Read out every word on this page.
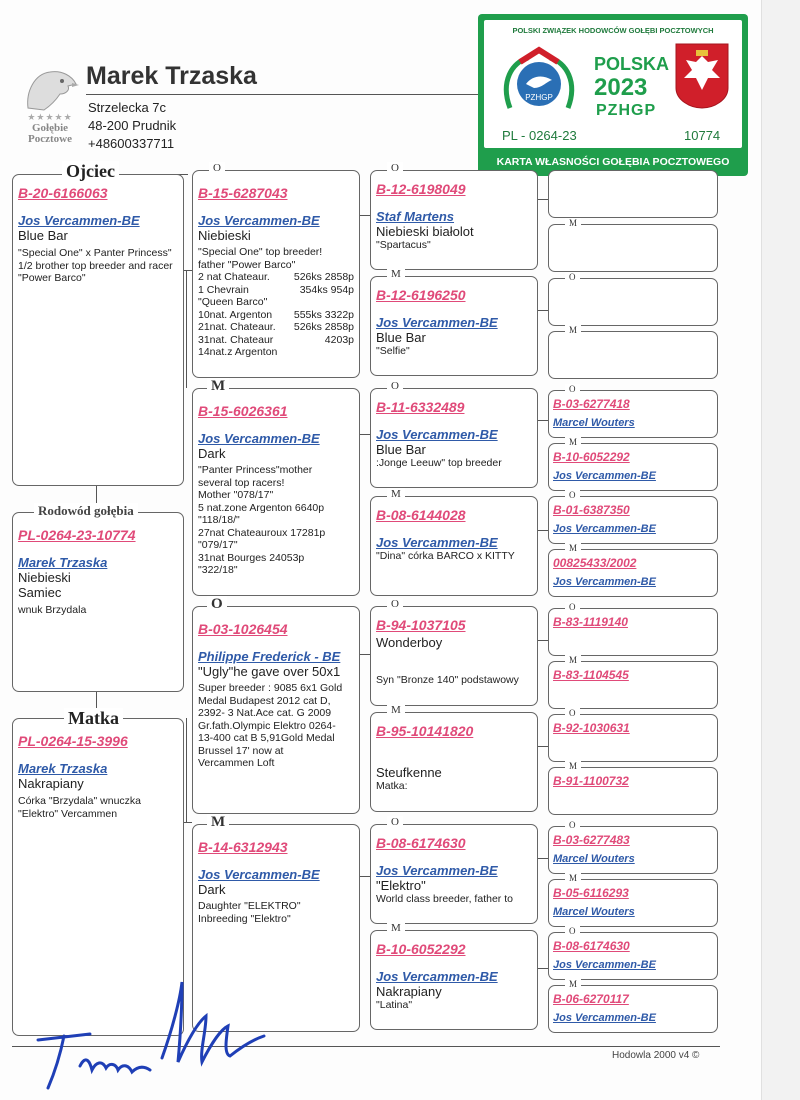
★★★★★
Gołębie
Pocztowe
Marek Trzaska
Strzelecka 7c
48-200 Prudnik
+48600337711
POLSKI ZWIĄZEK HODOWCÓW GOŁĘBI POCZTOWYCH
PZHGP
POLSKA
2023
PZHGP
PL - 0264-23	10774
KARTA WŁASNOŚCI GOŁĘBIA POCZTOWEGO
B-20-6166063
Jos Vercammen-BE
Blue Bar
"Special One" x Panter Princess" 1/2 brother top breeder and racer "Power Barco"
Ojciec
PL-0264-23-10774
Marek Trzaska
Niebieski
Samiec
wnuk Brzydala
Rodowód gołębia
PL-0264-15-3996
Marek Trzaska
Nakrapiany
Córka "Brzydala" wnuczka "Elektro" Vercammen
Matka
O
B-15-6287043
Jos Vercammen-BE
Niebieski
"Special One" top breeder!
father "Power Barco"
2 nat Chateaur. 526ks 2858p
1 Chevrain	354ks 954p
"Queen Barco"
10nat. Argenton 555ks 3322p
21nat. Chateaur. 526ks 2858p
31nat. Chateaur	4203p
14nat.z Argenton
M
B-15-6026361
Jos Vercammen-BE
Dark
"Panter Princess"mother
several top racers!
Mother "078/17"
5 nat.zone Argenton 6640p
"118/18/"
27nat Chateauroux 17281p
"079/17"
31nat Bourges 24053p
"322/18"
O
B-03-1026454
Philippe Frederick - BE
"Ugly"he gave over 50x1
Super breeder : 9085 6x1 Gold
Medal Budapest 2012 cat D,
2392- 3 Nat.Ace cat. G 2009
Gr.fath.Olympic Elektro 0264-
13-400 cat B 5,91Gold Medal
Brussel 17' now at
Vercammen Loft
M
B-14-6312943
Jos Vercammen-BE
Dark
Daughter "ELEKTRO"
Inbreeding "Elektro"
O
B-12-6198049
Staf Martens
Niebieski białolot
"Spartacus"
M
B-12-6196250
Jos Vercammen-BE
Blue Bar
"Selfie"
O
B-11-6332489
Jos Vercammen-BE
Blue Bar
:Jonge Leeuw" top breeder
M
B-08-6144028
Jos Vercammen-BE
"Dina" córka BARCO x KITTY
O
B-94-1037105
Wonderboy
Syn "Bronze 140" podstawowy
M
B-95-10141820
Steufkenne
Matka:
O
B-08-6174630
Jos Vercammen-BE
"Elektro"
World class breeder, father to
M
B-10-6052292
Jos Vercammen-BE
Nakrapiany
"Latina"
M
O
M
O
B-03-6277418
Marcel Wouters
M
B-10-6052292
Jos Vercammen-BE
O
B-01-6387350
Jos Vercammen-BE
M
00825433/2002
Jos Vercammen-BE
O
B-83-1119140
M
B-83-1104545
O
B-92-1030631
M
B-91-1100732
O
B-03-6277483
Marcel Wouters
M
B-05-6116293
Marcel Wouters
O
B-08-6174630
Jos Vercammen-BE
M
B-06-6270117
Jos Vercammen-BE
Hodowla 2000 v4 ©
